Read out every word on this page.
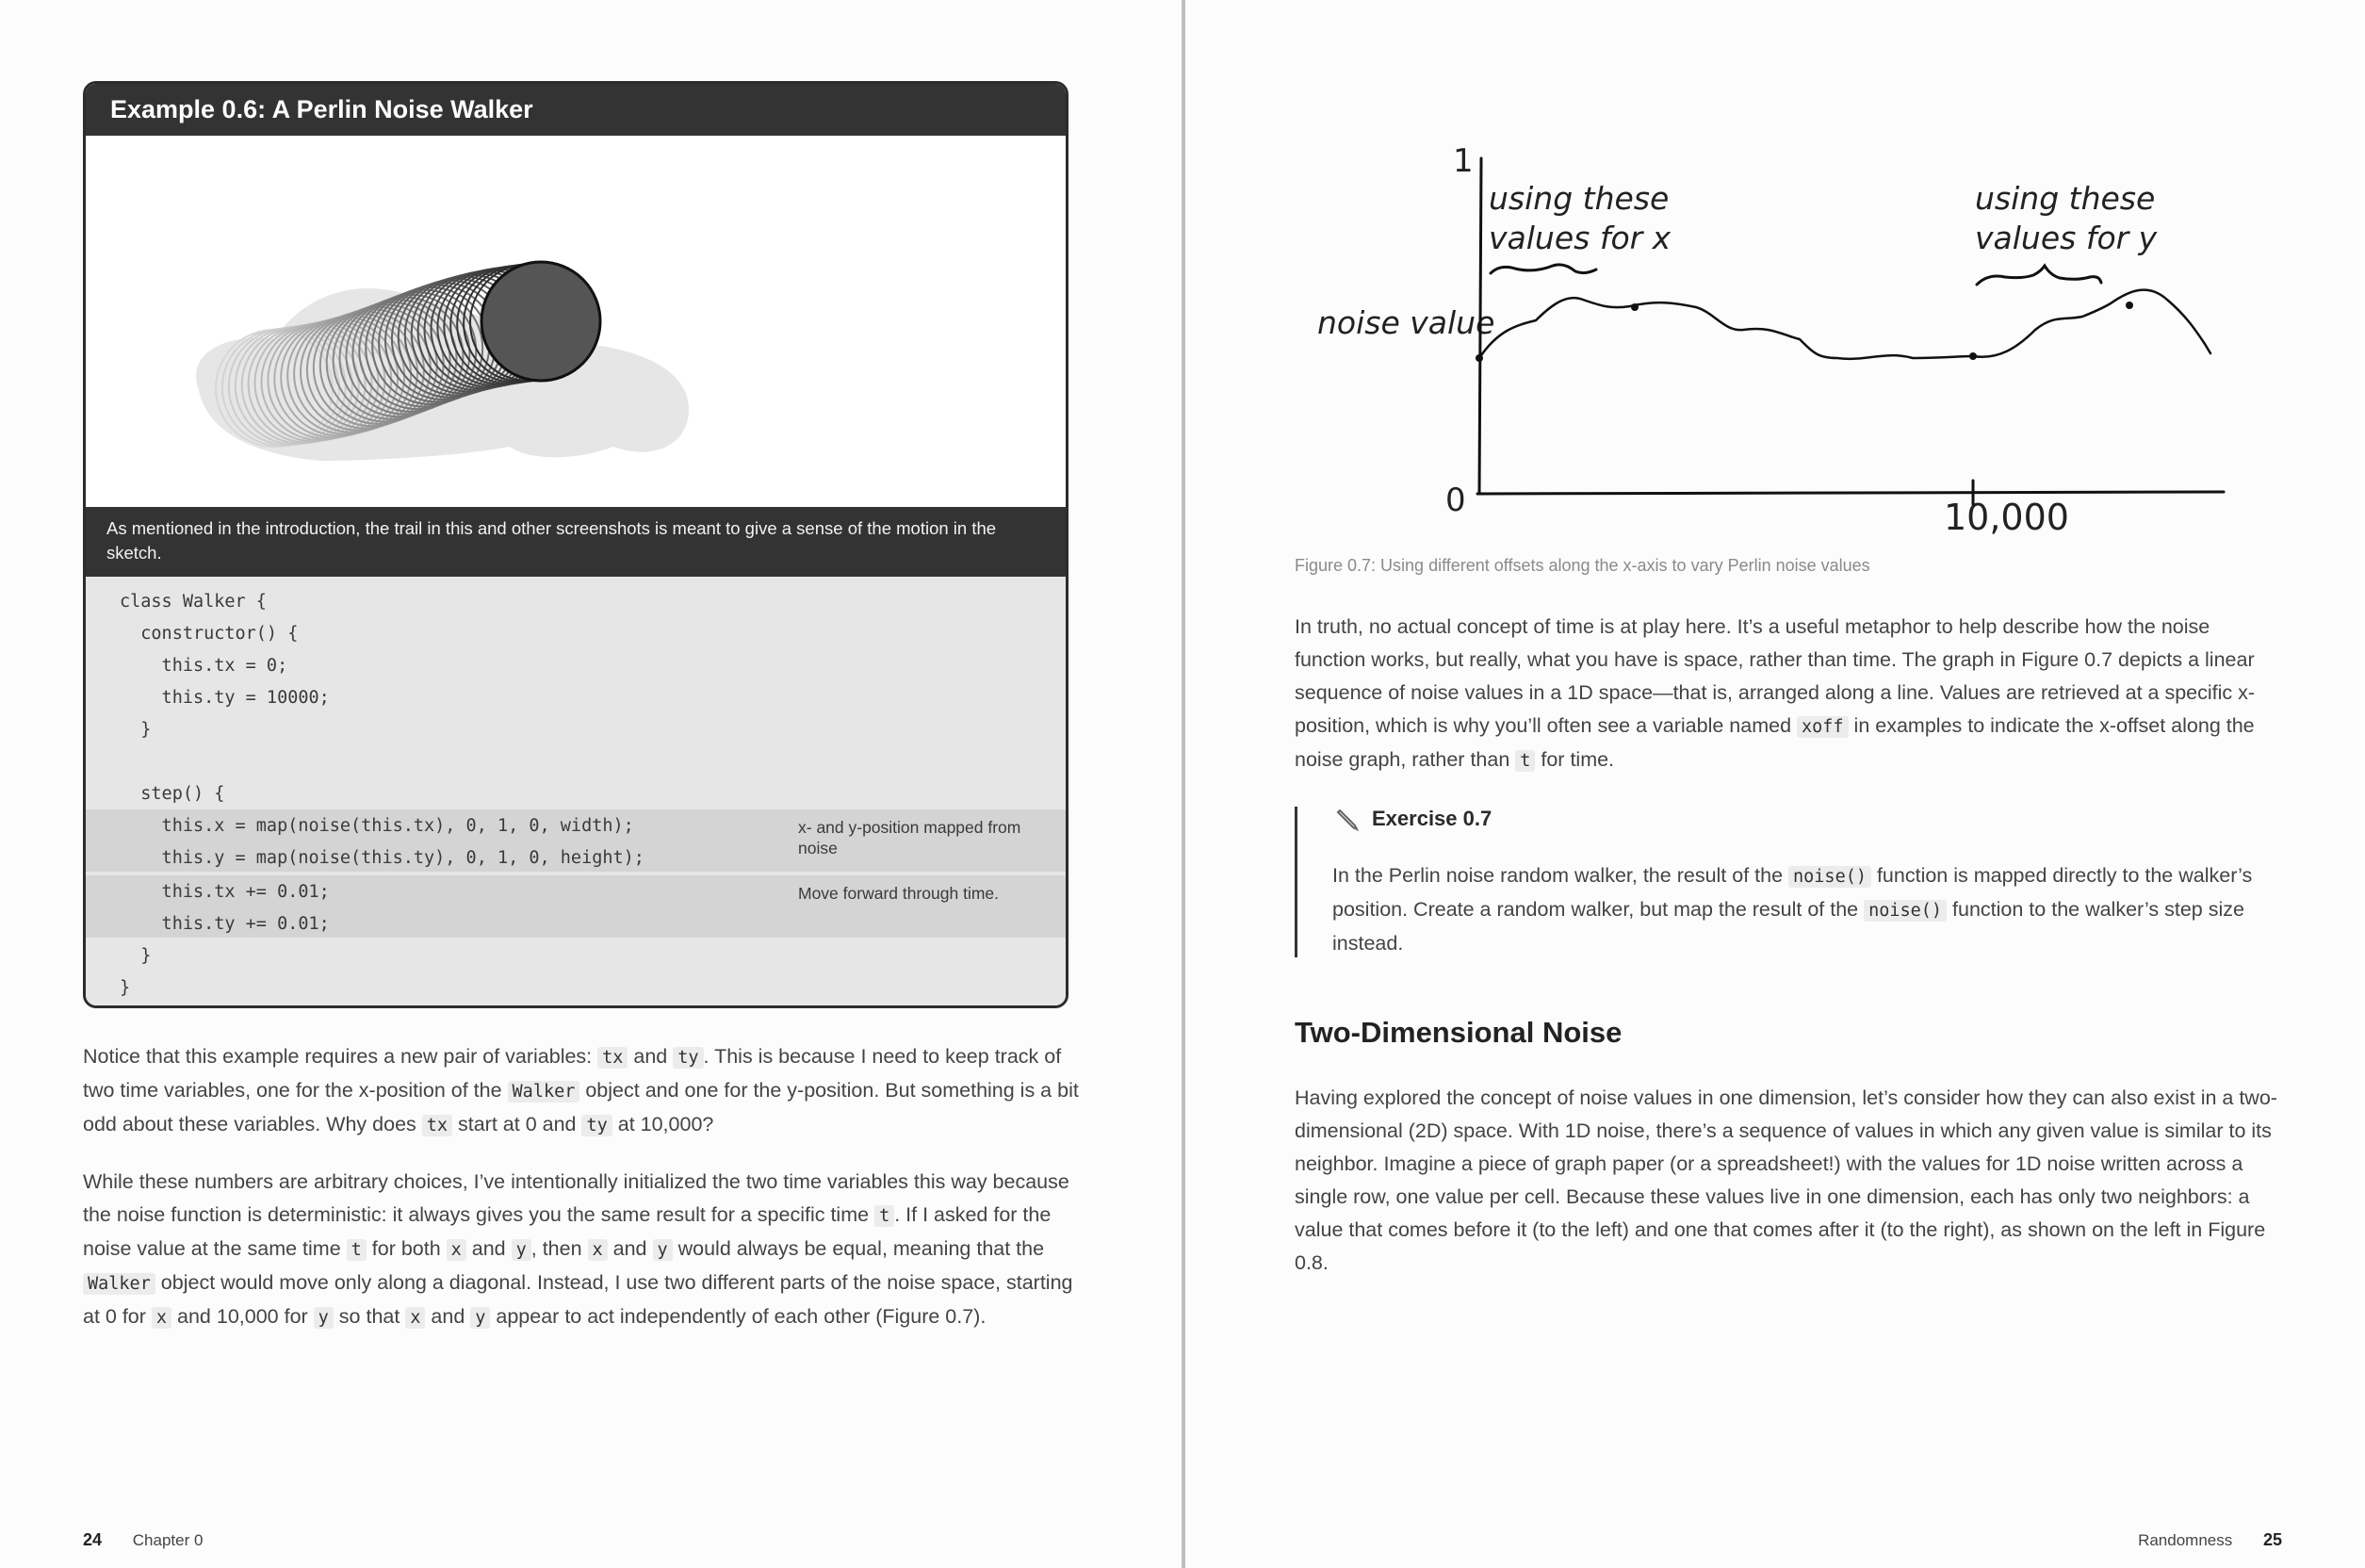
Example 0.6: A Perlin Noise Walker
As mentioned in the introduction, the trail in this and other screenshots is meant to give a sense of the motion in the sketch.
class Walker {
constructor() {
this.tx = 0;
this.ty = 10000;
}
step() {
this.x = map(noise(this.tx), 0, 1, 0, width);
this.y = map(noise(this.ty), 0, 1, 0, height);
this.tx += 0.01;
this.ty += 0.01;
}
}
x- and y-position mapped from noise
Move forward through time.

Notice that this example requires a new pair of variables: tx and ty . This is because I need to keep track of two time variables, one for the x-position of the Walker object and one for the y-position. But something is a bit odd about these variables. Why does tx start at 0 and ty at 10,000?

While these numbers are arbitrary choices, I’ve intentionally initialized the two time variables this way because the noise function is deterministic: it always gives you the same result for a specific time t . If I asked for the noise value at the same time t for both x and y , then x and y would always be equal, meaning that the Walker object would move only along a diagonal. Instead, I use two different parts of the noise space, starting at 0 for x and 10,000 for y so that x and y appear to act independently of each other (Figure 0.7).

24 Chapter 0
1
0	10,000
noise value
using these
values for x
using these
values for y
Figure 0.7: Using different offsets along the x-axis to vary Perlin noise values

In truth, no actual concept of time is at play here. It’s a useful metaphor to help describe how the noise function works, but really, what you have is space, rather than time. The graph in Figure 0.7 depicts a linear sequence of noise values in a 1D space—that is, arranged along a line. Values are retrieved at a specific x-position, which is why you’ll often see a variable named xoff in examples to indicate the x-offset along the noise graph, rather than t for time.

Exercise 0.7

In the Perlin noise random walker, the result of the noise() function is mapped directly to the walker’s position. Create a random walker, but map the result of the noise() function to the walker’s step size instead.

Two-Dimensional Noise

Having explored the concept of noise values in one dimension, let’s consider how they can also exist in a two-dimensional (2D) space. With 1D noise, there’s a sequence of values in which any given value is similar to its neighbor. Imagine a piece of graph paper (or a spreadsheet!) with the values for 1D noise written across a single row, one value per cell. Because these values live in one dimension, each has only two neighbors: a value that comes before it (to the left) and one that comes after it (to the right), as shown on the left in Figure 0.8.

Randomness 25
